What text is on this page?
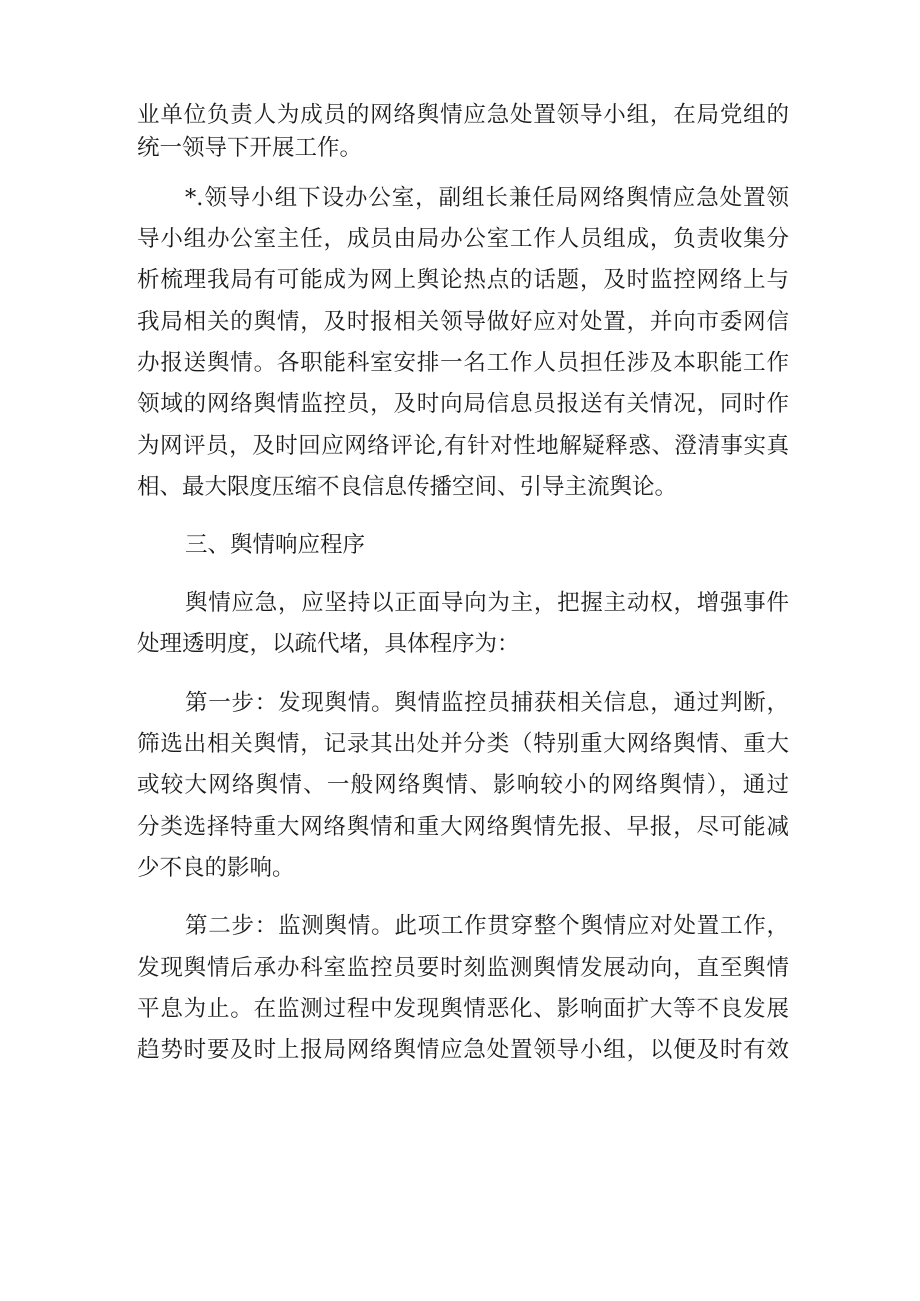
业单位负责人为成员的网络舆情应急处置领导小组，在局党组的

统一领导下开展工作。

*.领导小组下设办公室，副组长兼任局网络舆情应急处置领

导小组办公室主任，成员由局办公室工作人员组成，负责收集分

析梳理我局有可能成为网上舆论热点的话题，及时监控网络上与

我局相关的舆情，及时报相关领导做好应对处置，并向市委网信

办报送舆情。各职能科室安排一名工作人员担任涉及本职能工作

领域的网络舆情监控员，及时向局信息员报送有关情况，同时作

为网评员，及时回应网络评论,有针对性地解疑释惑、澄清事实真

相、最大限度压缩不良信息传播空间、引导主流舆论。

三、舆情响应程序

舆情应急，应坚持以正面导向为主，把握主动权，增强事件

处理透明度，以疏代堵，具体程序为：

第一步：发现舆情。舆情监控员捕获相关信息，通过判断，

筛选出相关舆情，记录其出处并分类（特别重大网络舆情、重大

或较大网络舆情、一般网络舆情、影响较小的网络舆情），通过

分类选择特重大网络舆情和重大网络舆情先报、早报，尽可能减

少不良的影响。

第二步：监测舆情。此项工作贯穿整个舆情应对处置工作，

发现舆情后承办科室监控员要时刻监测舆情发展动向，直至舆情

平息为止。在监测过程中发现舆情恶化、影响面扩大等不良发展

趋势时要及时上报局网络舆情应急处置领导小组，以便及时有效
